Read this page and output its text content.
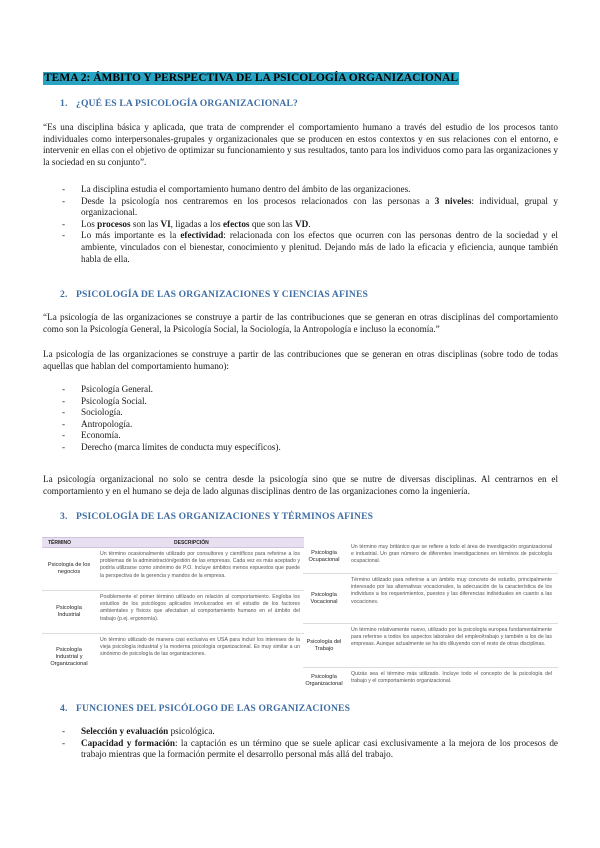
TEMA 2: ÁMBITO Y PERSPECTIVA DE LA PSICOLOGÍA ORGANIZACIONAL
1. ¿QUÉ ES LA PSICOLOGÍA ORGANIZACIONAL?

“Es una disciplina básica y aplicada, que trata de comprender el comportamiento humano a través del estudio de los procesos tanto individuales como interpersonales-grupales y organizacionales que se producen en estos contextos y en sus relaciones con el entorno, e intervenir en ellas con el objetivo de optimizar su funcionamiento y sus resultados, tanto para los individuos como para las organizaciones y la sociedad en su conjunto”.

- La disciplina estudia el comportamiento humano dentro del ámbito de las organizaciones.
- Desde la psicología nos centraremos en los procesos relacionados con las personas a 3 niveles: individual, grupal y organizacional.
- Los procesos son las VI, ligadas a los efectos que son las VD.
- Lo más importante es la efectividad: relacionada con los efectos que ocurren con las personas dentro de la sociedad y el ambiente, vinculados con el bienestar, conocimiento y plenitud. Dejando más de lado la eficacia y eficiencia, aunque también habla de ella.
2. PSICOLOGÍA DE LAS ORGANIZACIONES Y CIENCIAS AFINES

“La psicología de las organizaciones se construye a partir de las contribuciones que se generan en otras disciplinas del comportamiento como son la Psicología General, la Psicología Social, la Sociología, la Antropología e incluso la economía.”

La psicología de las organizaciones se construye a partir de las contribuciones que se generan en otras disciplinas (sobre todo de todas aquellas que hablan del comportamiento humano):

- Psicología General.
- Psicología Social.
- Sociología.
- Antropología.
- Economía.
- Derecho (marca límites de conducta muy específicos).

La psicología organizacional no solo se centra desde la psicología sino que se nutre de diversas disciplinas. Al centrarnos en el comportamiento y en el humano se deja de lado algunas disciplinas dentro de las organizaciones como la ingeniería.

3. PSICOLOGÍA DE LAS ORGANIZACIONES Y TÉRMINOS AFINES
TÉRMINO	DESCRIPCIÓN
Psicología de los negocios
Un término ocasionalmente utilizado por consultores y científicos para referirse a los problemas de la administración/gestión de las empresas. Cada vez es más aceptado y podría utilizarse como sinónimo de P.O. Incluye ámbitos menos expuestos que puede la perspectiva de la gerencia y mandos de la empresa.
Psicología Industrial
Posiblemente el primer término utilizado en relación al comportamiento. Engloba los estudios de los psicólogos aplicados involucrados en el estudio de los factores ambientales y físicos que afectaban al comportamiento humano en el ámbito del trabajo (p.ej. ergonomía).
Psicología Industrial y Organizacional
Un término utilizado de manera casi exclusiva en USA para incluir los intereses de la vieja psicología industrial y la moderna psicología organizacional. Es muy similar a un sinónimo de psicología de las organizaciones.
Psicología Ocupacional
Un término muy británico que se refiere a todo el área de investigación organizacional e industrial. Un gran número de diferentes investigaciones en términos de psicología ocupacional.
Psicología Vocacional
Término utilizado para referirse a un ámbito muy concreto de estudio, principalmente interesado por las alternativas vocacionales, la adecuación de la característica de los individuos a los requerimientos, puestos y las diferencias individuales en cuanto a las vocaciones.
Psicología del Trabajo
Un término relativamente nuevo, utilizado por la psicología europea fundamentalmente para referirse a todos los aspectos laborales del empleo/trabajo y también a los de las empresas. Aunque actualmente se ha ido diluyendo con el resto de otras disciplinas.
Psicología Organizacional
Quizás sea el término más utilizado. Incluye todo el concepto de la psicología del trabajo y el comportamiento organizacional.
4. FUNCIONES DEL PSICÓLOGO DE LAS ORGANIZACIONES
- Selección y evaluación psicológica.
- Capacidad y formación: la captación es un término que se suele aplicar casi exclusivamente a la mejora de los procesos de trabajo mientras que la formación permite el desarrollo personal más allá del trabajo.
